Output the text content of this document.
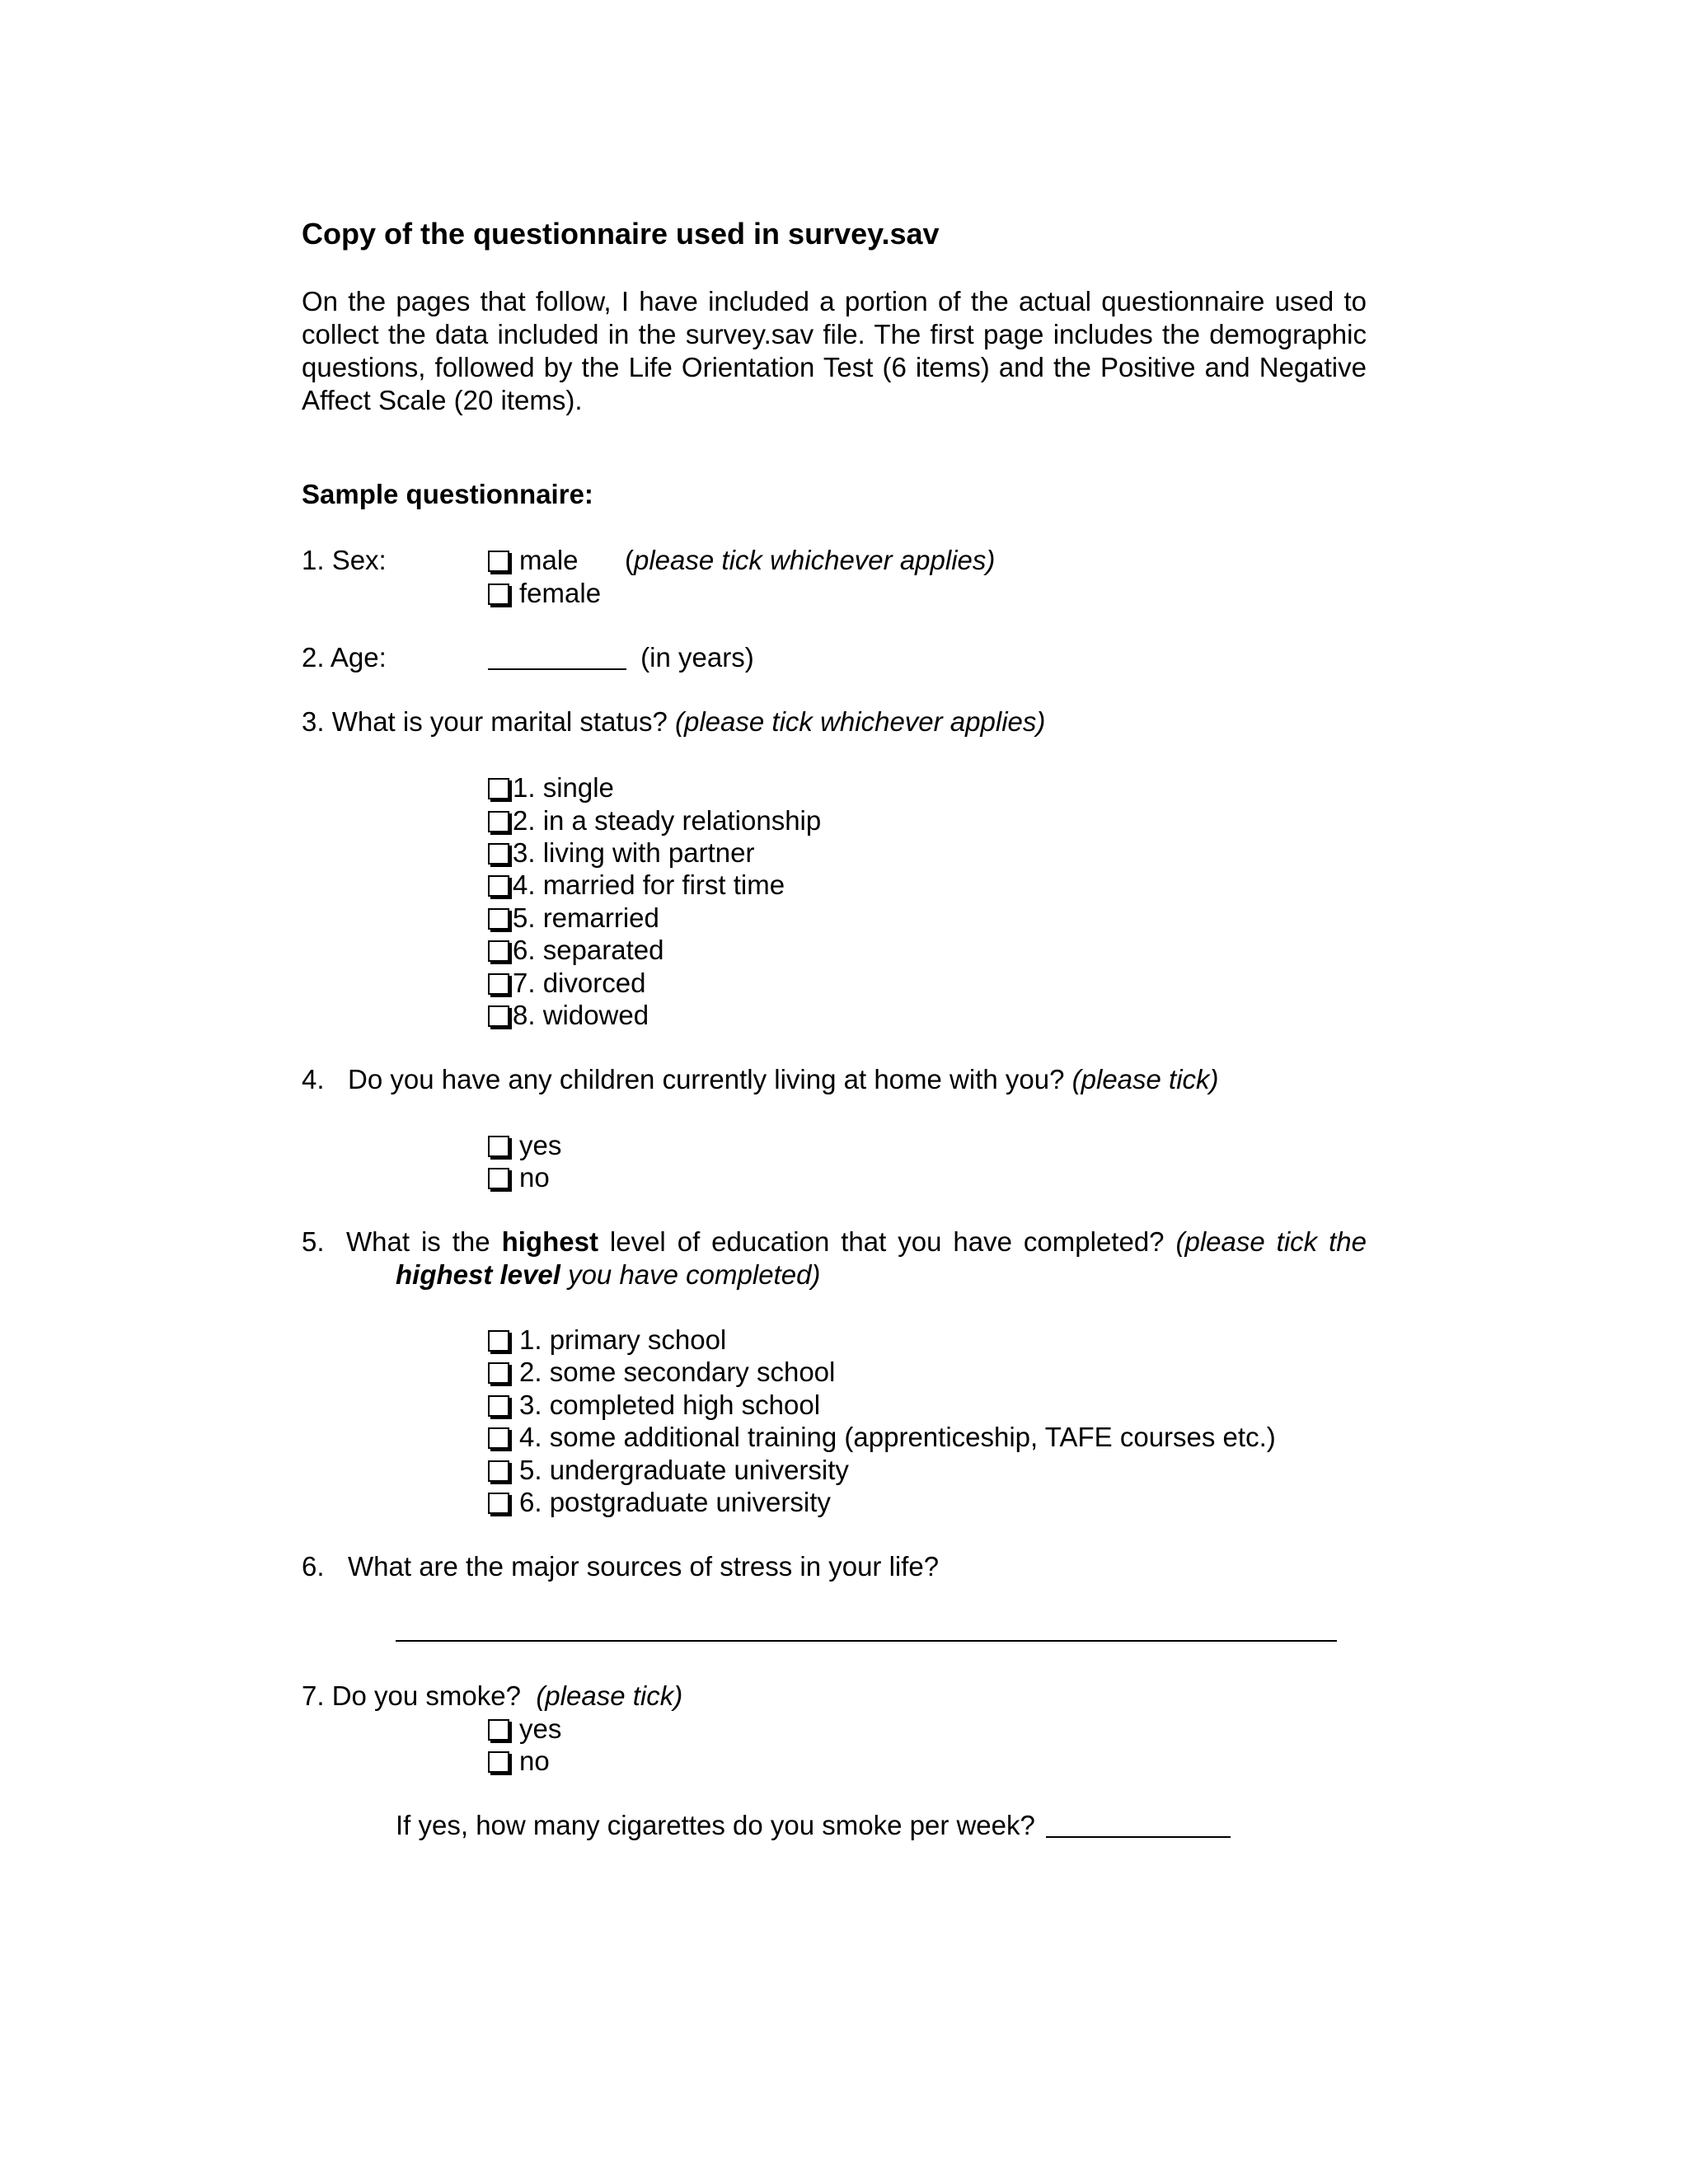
Copy of the questionnaire used in survey.sav
On the pages that follow, I have included a portion of the actual questionnaire used to
collect the data included in the survey.sav file. The first page includes the demographic
questions, followed by the Life Orientation Test (6 items) and the Positive and Negative
Affect Scale (20 items).
Sample questionnaire:
1. Sex:	male (please tick whichever applies)
female
2. Age:	(in years)
3. What is your marital status? (please tick whichever applies)
1. single
2. in a steady relationship
3. living with partner
4. married for first time
5. remarried
6. separated
7. divorced
8. widowed
4. Do you have any children currently living at home with you? (please tick)
yes
no
5. What is the highest level of education that you have completed? (please tick the
highest level you have completed)
1. primary school
2. some secondary school
3. completed high school
4. some additional training (apprenticeship, TAFE courses etc.)
5. undergraduate university
6. postgraduate university
6. What are the major sources of stress in your life?
7. Do you smoke? (please tick)
yes
no
If yes, how many cigarettes do you smoke per week?
